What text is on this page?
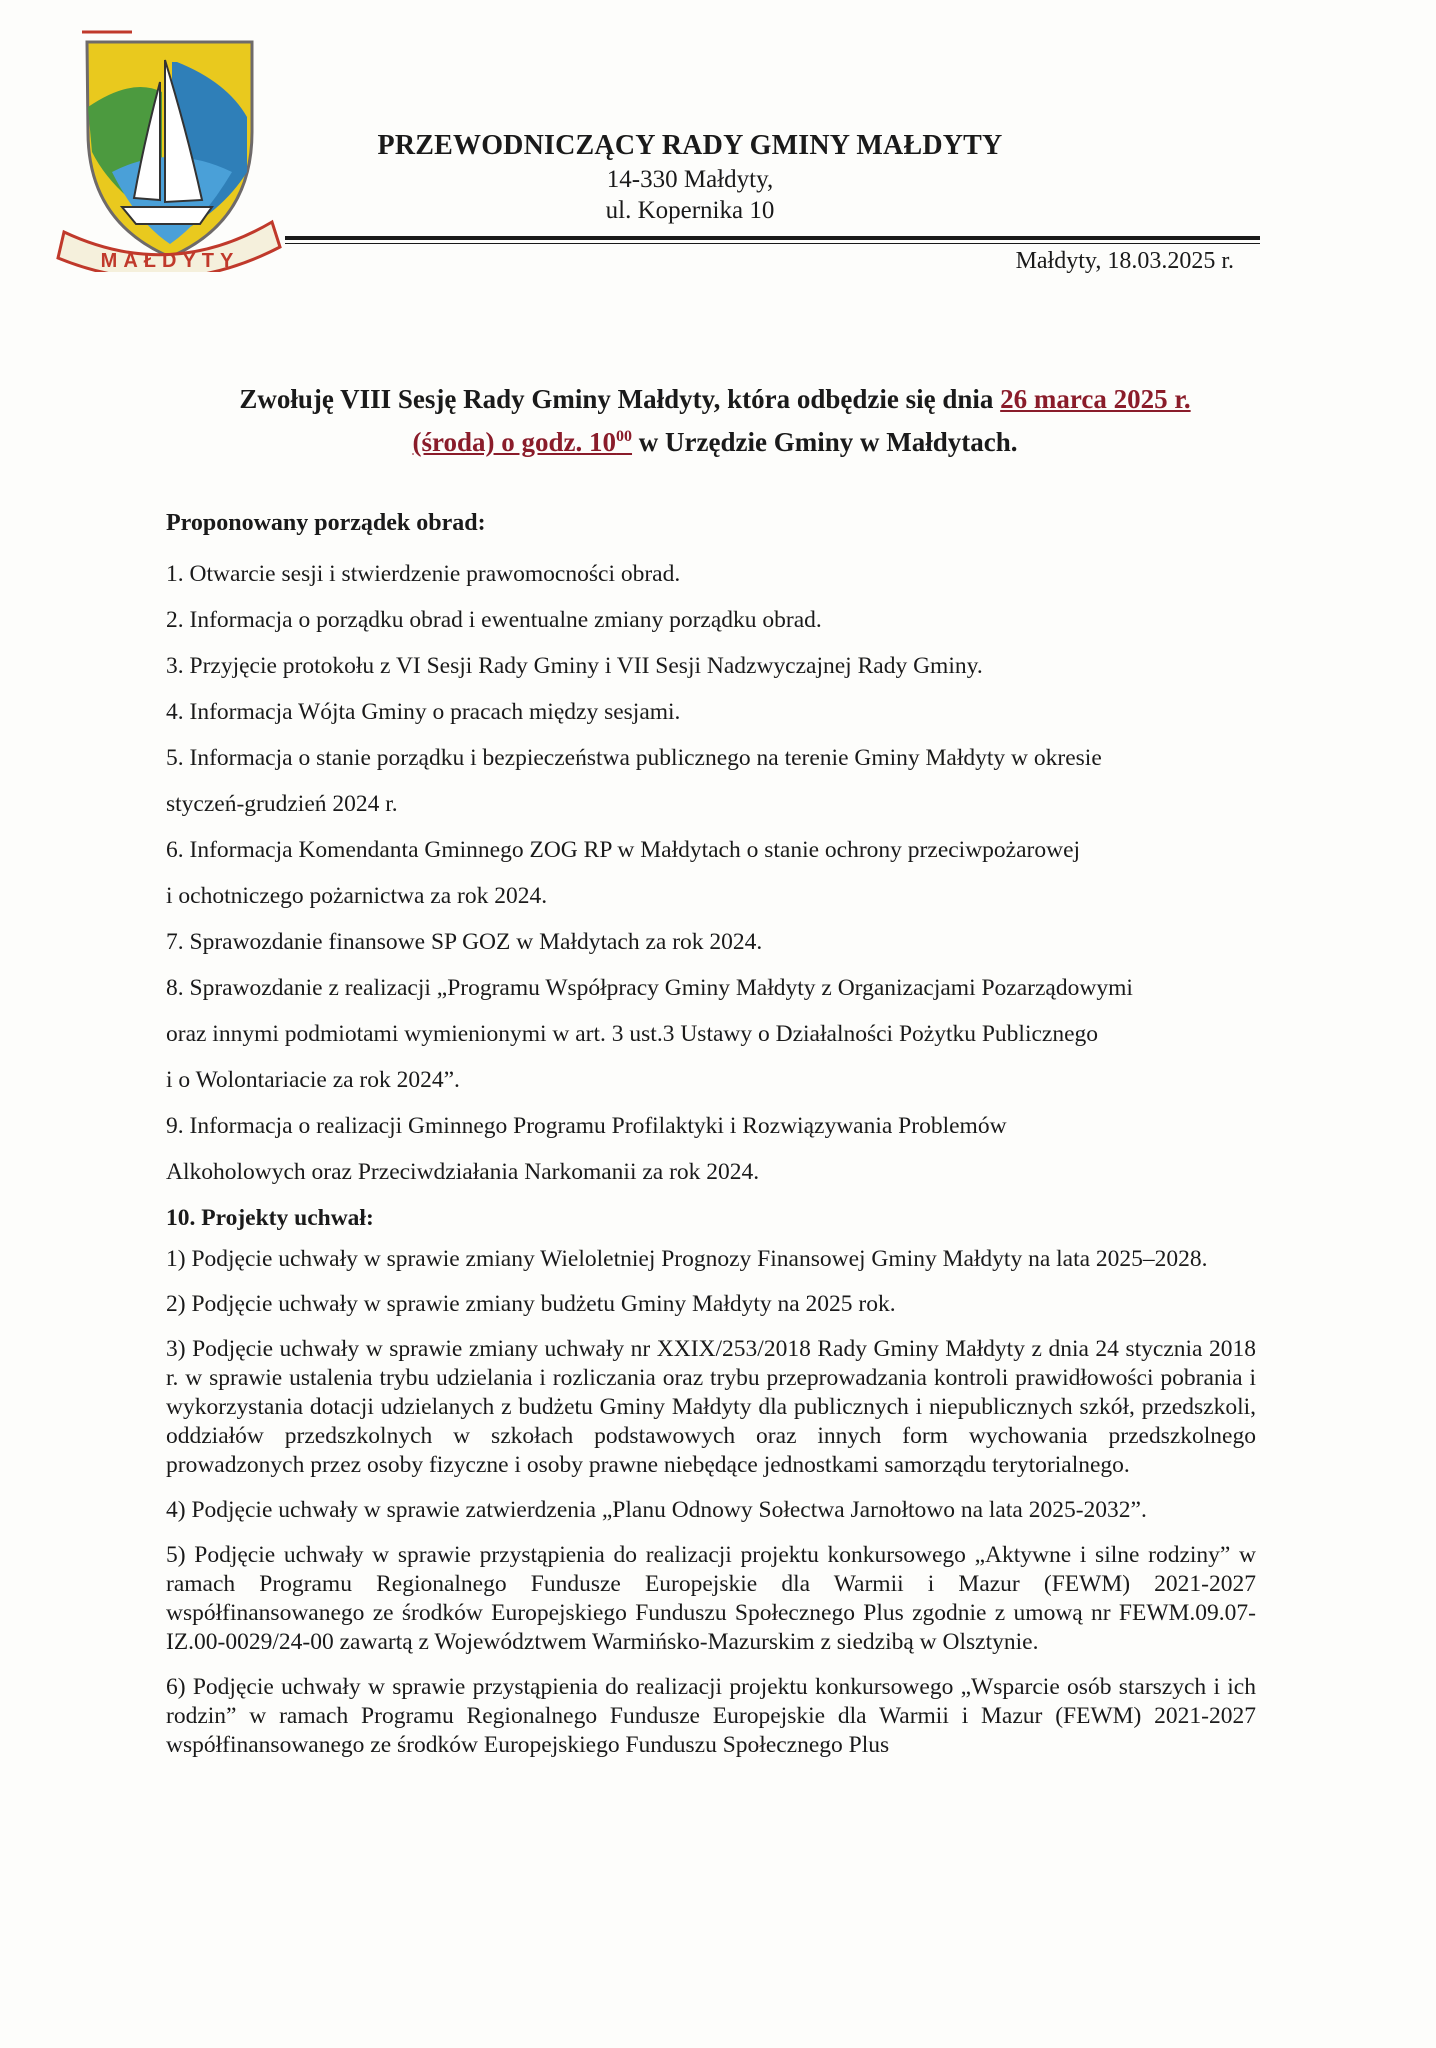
MAŁDYTY
PRZEWODNICZĄCY RADY GMINY MAŁDYTY
14-330 Małdyty,
ul. Kopernika 10
Małdyty, 18.03.2025 r.
Zwołuję VIII Sesję Rady Gminy Małdyty, która odbędzie się dnia 26 marca 2025 r.
(środa) o godz. $10^{00}$ w Urzędzie Gminy w Małdytach.
Proponowany porządek obrad:
1. Otwarcie sesji i stwierdzenie prawomocności obrad.
2. Informacja o porządku obrad i ewentualne zmiany porządku obrad.
3. Przyjęcie protokołu z VI Sesji Rady Gminy i VII Sesji Nadzwyczajnej Rady Gminy.
4. Informacja Wójta Gminy o pracach między sesjami.
5. Informacja o stanie porządku i bezpieczeństwa publicznego na terenie Gminy Małdyty w okresie
styczeń-grudzień 2024 r.
6. Informacja Komendanta Gminnego ZOG RP w Małdytach o stanie ochrony przeciwpożarowej
i ochotniczego pożarnictwa za rok 2024.
7. Sprawozdanie finansowe SP GOZ w Małdytach za rok 2024.
8. Sprawozdanie z realizacji „Programu Współpracy Gminy Małdyty z Organizacjami Pozarządowymi
oraz innymi podmiotami wymienionymi w art. 3 ust.3 Ustawy o Działalności Pożytku Publicznego
i o Wolontariacie za rok 2024”.
9. Informacja o realizacji Gminnego Programu Profilaktyki i Rozwiązywania Problemów
Alkoholowych oraz Przeciwdziałania Narkomanii za rok 2024.
10. Projekty uchwał:
1) Podjęcie uchwały w sprawie zmiany Wieloletniej Prognozy Finansowej Gminy Małdyty na lata 2025–2028.
2) Podjęcie uchwały w sprawie zmiany budżetu Gminy Małdyty na 2025 rok.
3) Podjęcie uchwały w sprawie zmiany uchwały nr XXIX/253/2018 Rady Gminy Małdyty z dnia 24 stycznia 2018 r. w sprawie ustalenia trybu udzielania i rozliczania oraz trybu przeprowadzania kontroli prawidłowości pobrania i wykorzystania dotacji udzielanych z budżetu Gminy Małdyty dla publicznych i niepublicznych szkół, przedszkoli, oddziałów przedszkolnych w szkołach podstawowych oraz innych form wychowania przedszkolnego prowadzonych przez osoby fizyczne i osoby prawne niebędące jednostkami samorządu terytorialnego.
4) Podjęcie uchwały w sprawie zatwierdzenia „Planu Odnowy Sołectwa Jarnołtowo na lata 2025-2032”.
5) Podjęcie uchwały w sprawie przystąpienia do realizacji projektu konkursowego „Aktywne i silne rodziny” w ramach Programu Regionalnego Fundusze Europejskie dla Warmii i Mazur (FEWM) 2021-2027 współfinansowanego ze środków Europejskiego Funduszu Społecznego Plus zgodnie z umową nr FEWM.09.07-IZ.00-0029/24-00 zawartą z Województwem Warmińsko-Mazurskim z siedzibą w Olsztynie.
6) Podjęcie uchwały w sprawie przystąpienia do realizacji projektu konkursowego „Wsparcie osób starszych i ich rodzin” w ramach Programu Regionalnego Fundusze Europejskie dla Warmii i Mazur (FEWM) 2021-2027 współfinansowanego ze środków Europejskiego Funduszu Społecznego Plus
